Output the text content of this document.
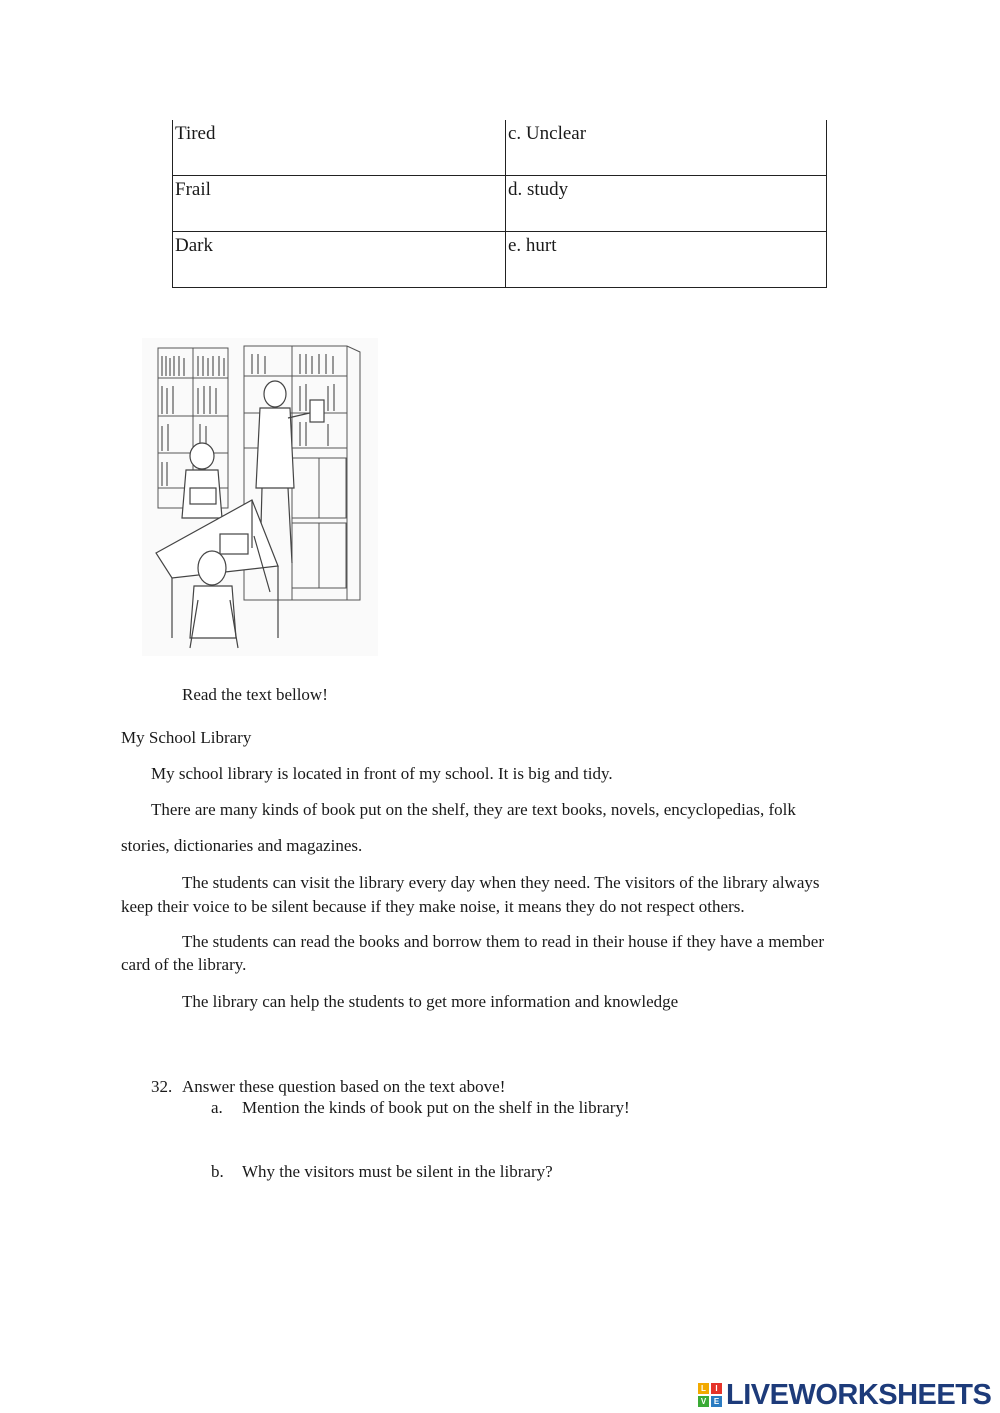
Tired	c. Unclear
Frail	d. study
Dark	e. hurt
Read the text bellow!
My School Library
My school library is located in front of my school. It is big and tidy.
There are many kinds of book put on the shelf, they are text books, novels, encyclopedias, folk
stories, dictionaries and magazines.
The students can visit the library every day when they need. The visitors of the library always
keep their voice to be silent because if they make noise, it means they do not respect others.
The students can read the books and borrow them to read in their house if they have a member
card of the library.
The library can help the students to get more information and knowledge
32. Answer these question based on the text above!
a. Mention the kinds of book put on the shelf in the library!
b. Why the visitors must be silent in the library?
L	I
V E LIVEWORKSHEETS
